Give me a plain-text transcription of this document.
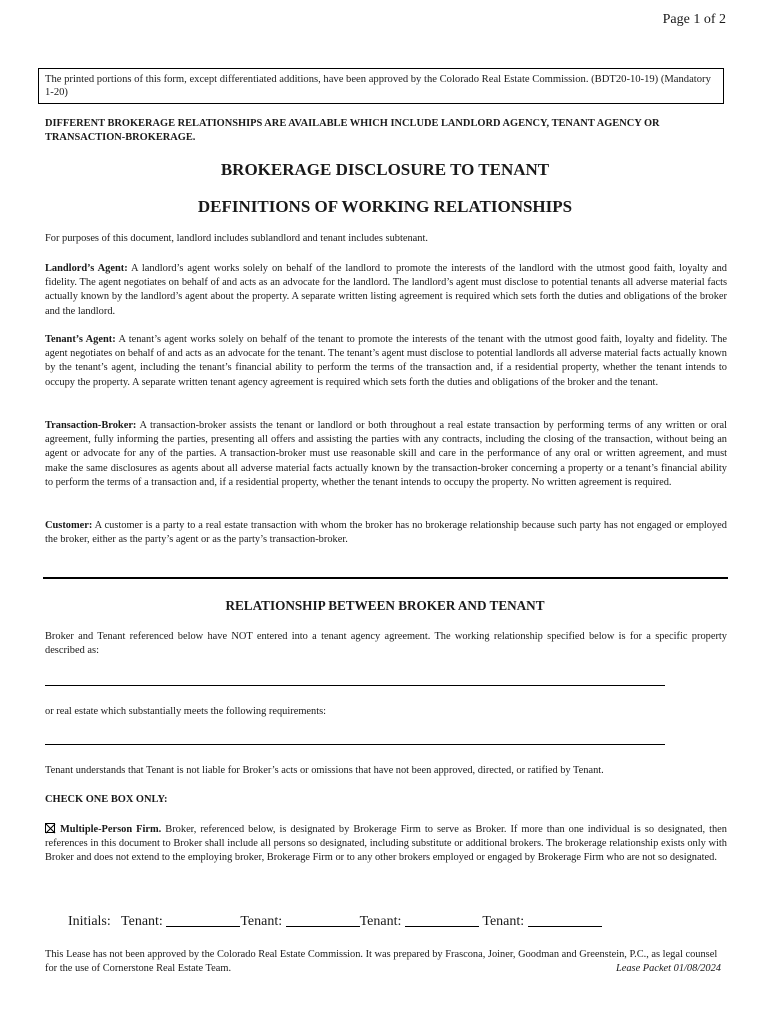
Page 1 of 2
The printed portions of this form, except differentiated additions, have been approved by the Colorado Real Estate Commission. (BDT20-10-19) (Mandatory 1-20)
DIFFERENT BROKERAGE RELATIONSHIPS ARE AVAILABLE WHICH INCLUDE LANDLORD AGENCY, TENANT AGENCY OR TRANSACTION-BROKERAGE.
BROKERAGE DISCLOSURE TO TENANT
DEFINITIONS OF WORKING RELATIONSHIPS
For purposes of this document, landlord includes sublandlord and tenant includes subtenant.
Landlord’s Agent: A landlord’s agent works solely on behalf of the landlord to promote the interests of the landlord with the utmost good faith, loyalty and fidelity. The agent negotiates on behalf of and acts as an advocate for the landlord. The landlord’s agent must disclose to potential tenants all adverse material facts actually known by the landlord’s agent about the property. A separate written listing agreement is required which sets forth the duties and obligations of the broker and the landlord.
Tenant’s Agent: A tenant’s agent works solely on behalf of the tenant to promote the interests of the tenant with the utmost good faith, loyalty and fidelity. The agent negotiates on behalf of and acts as an advocate for the tenant. The tenant’s agent must disclose to potential landlords all adverse material facts actually known by the tenant’s agent, including the tenant’s financial ability to perform the terms of the transaction and, if a residential property, whether the tenant intends to occupy the property. A separate written tenant agency agreement is required which sets forth the duties and obligations of the broker and the tenant.
Transaction-Broker: A transaction-broker assists the tenant or landlord or both throughout a real estate transaction by performing terms of any written or oral agreement, fully informing the parties, presenting all offers and assisting the parties with any contracts, including the closing of the transaction, without being an agent or advocate for any of the parties. A transaction-broker must use reasonable skill and care in the performance of any oral or written agreement, and must make the same disclosures as agents about all adverse material facts actually known by the transaction-broker concerning a property or a tenant’s financial ability to perform the terms of a transaction and, if a residential property, whether the tenant intends to occupy the property. No written agreement is required.
Customer: A customer is a party to a real estate transaction with whom the broker has no brokerage relationship because such party has not engaged or employed the broker, either as the party’s agent or as the party’s transaction-broker.
RELATIONSHIP BETWEEN BROKER AND TENANT
Broker and Tenant referenced below have NOT entered into a tenant agency agreement. The working relationship specified below is for a specific property described as:
or real estate which substantially meets the following requirements:
Tenant understands that Tenant is not liable for Broker’s acts or omissions that have not been approved, directed, or ratified by Tenant.
CHECK ONE BOX ONLY:
Multiple-Person Firm. Broker, referenced below, is designated by Brokerage Firm to serve as Broker. If more than one individual is so designated, then references in this document to Broker shall include all persons so designated, including substitute or additional brokers. The brokerage relationship exists only with Broker and does not extend to the employing broker, Brokerage Firm or to any other brokers employed or engaged by Brokerage Firm who are not so designated.
Initials: Tenant:	Tenant:	Tenant:	Tenant:
This Lease has not been approved by the Colorado Real Estate Commission. It was prepared by Frascona, Joiner, Goodman and Greenstein, P.C., as legal counsel for the use of Cornerstone Real Estate Team.	Lease Packet 01/08/2024
